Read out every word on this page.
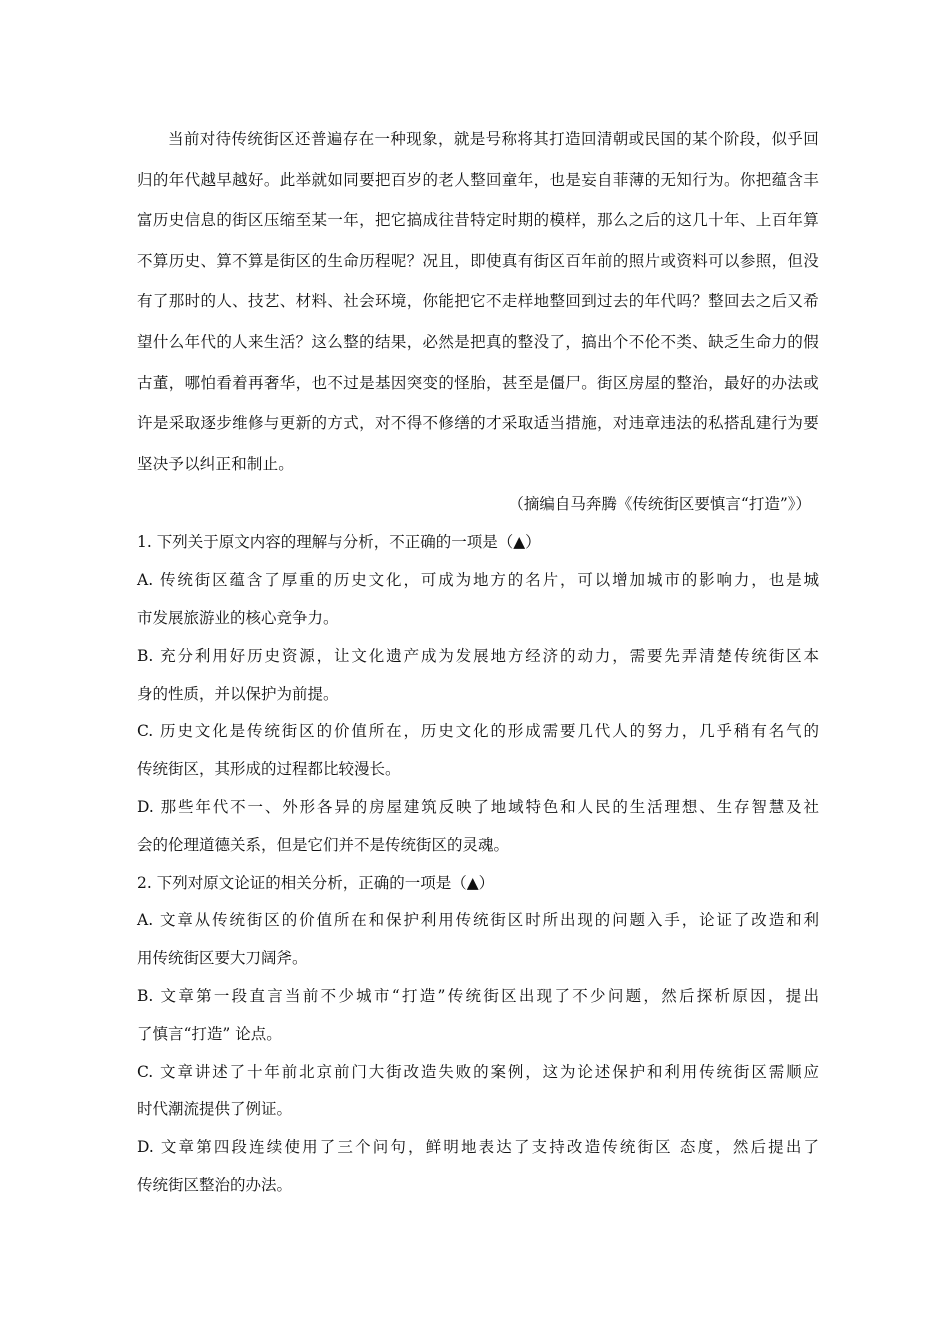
当前对待传统街区还普遍存在一种现象，就是号称将其打造回清朝或民国的某个阶段，似乎回归的年代越早越好。此举就如同要把百岁的老人整回童年，也是妄自菲薄的无知行为。你把蕴含丰富历史信息的街区压缩至某一年，把它搞成往昔特定时期的模样，那么之后的这几十年、上百年算不算历史、算不算是街区的生命历程呢？况且，即使真有街区百年前的照片或资料可以参照，但没有了那时的人、技艺、材料、社会环境，你能把它不走样地整回到过去的年代吗？整回去之后又希望什么年代的人来生活？这么整的结果，必然是把真的整没了，搞出个不伦不类、缺乏生命力的假古董，哪怕看着再奢华，也不过是基因突变的怪胎，甚至是僵尸。街区房屋的整治，最好的办法或许是采取逐步维修与更新的方式，对不得不修缮的才采取适当措施，对违章违法的私搭乱建行为要坚决予以纠正和制止。

（摘编自马奔腾《传统街区要慎言“打造”》）

1. 下列关于原文内容的理解与分析，不正确的一项是（▲）

A. 传统街区蕴含了厚重的历史文化，可成为地方的名片，可以增加城市的影响力，也是城

市发展旅游业的核心竞争力。

B. 充分利用好历史资源，让文化遗产成为发展地方经济的动力，需要先弄清楚传统街区本

身的性质，并以保护为前提。

C. 历史文化是传统街区的价值所在，历史文化的形成需要几代人的努力，几乎稍有名气的

传统街区，其形成的过程都比较漫长。

D. 那些年代不一、外形各异的房屋建筑反映了地域特色和人民的生活理想、生存智慧及社

会的伦理道德关系，但是它们并不是传统街区的灵魂。

2. 下列对原文论证的相关分析，正确的一项是（▲）

A. 文章从传统街区的价值所在和保护利用传统街区时所出现的问题入手，论证了改造和利

用传统街区要大刀阔斧。

B. 文章第一段直言当前不少城市“打造”传统街区出现了不少问题，然后探析原因，提出

了慎言“打造” 论点。

C. 文章讲述了十年前北京前门大街改造失败的案例，这为论述保护和利用传统街区需顺应

时代潮流提供了例证。

D. 文章第四段连续使用了三个问句，鲜明地表达了支持改造传统街区 态度，然后提出了

传统街区整治的办法。
